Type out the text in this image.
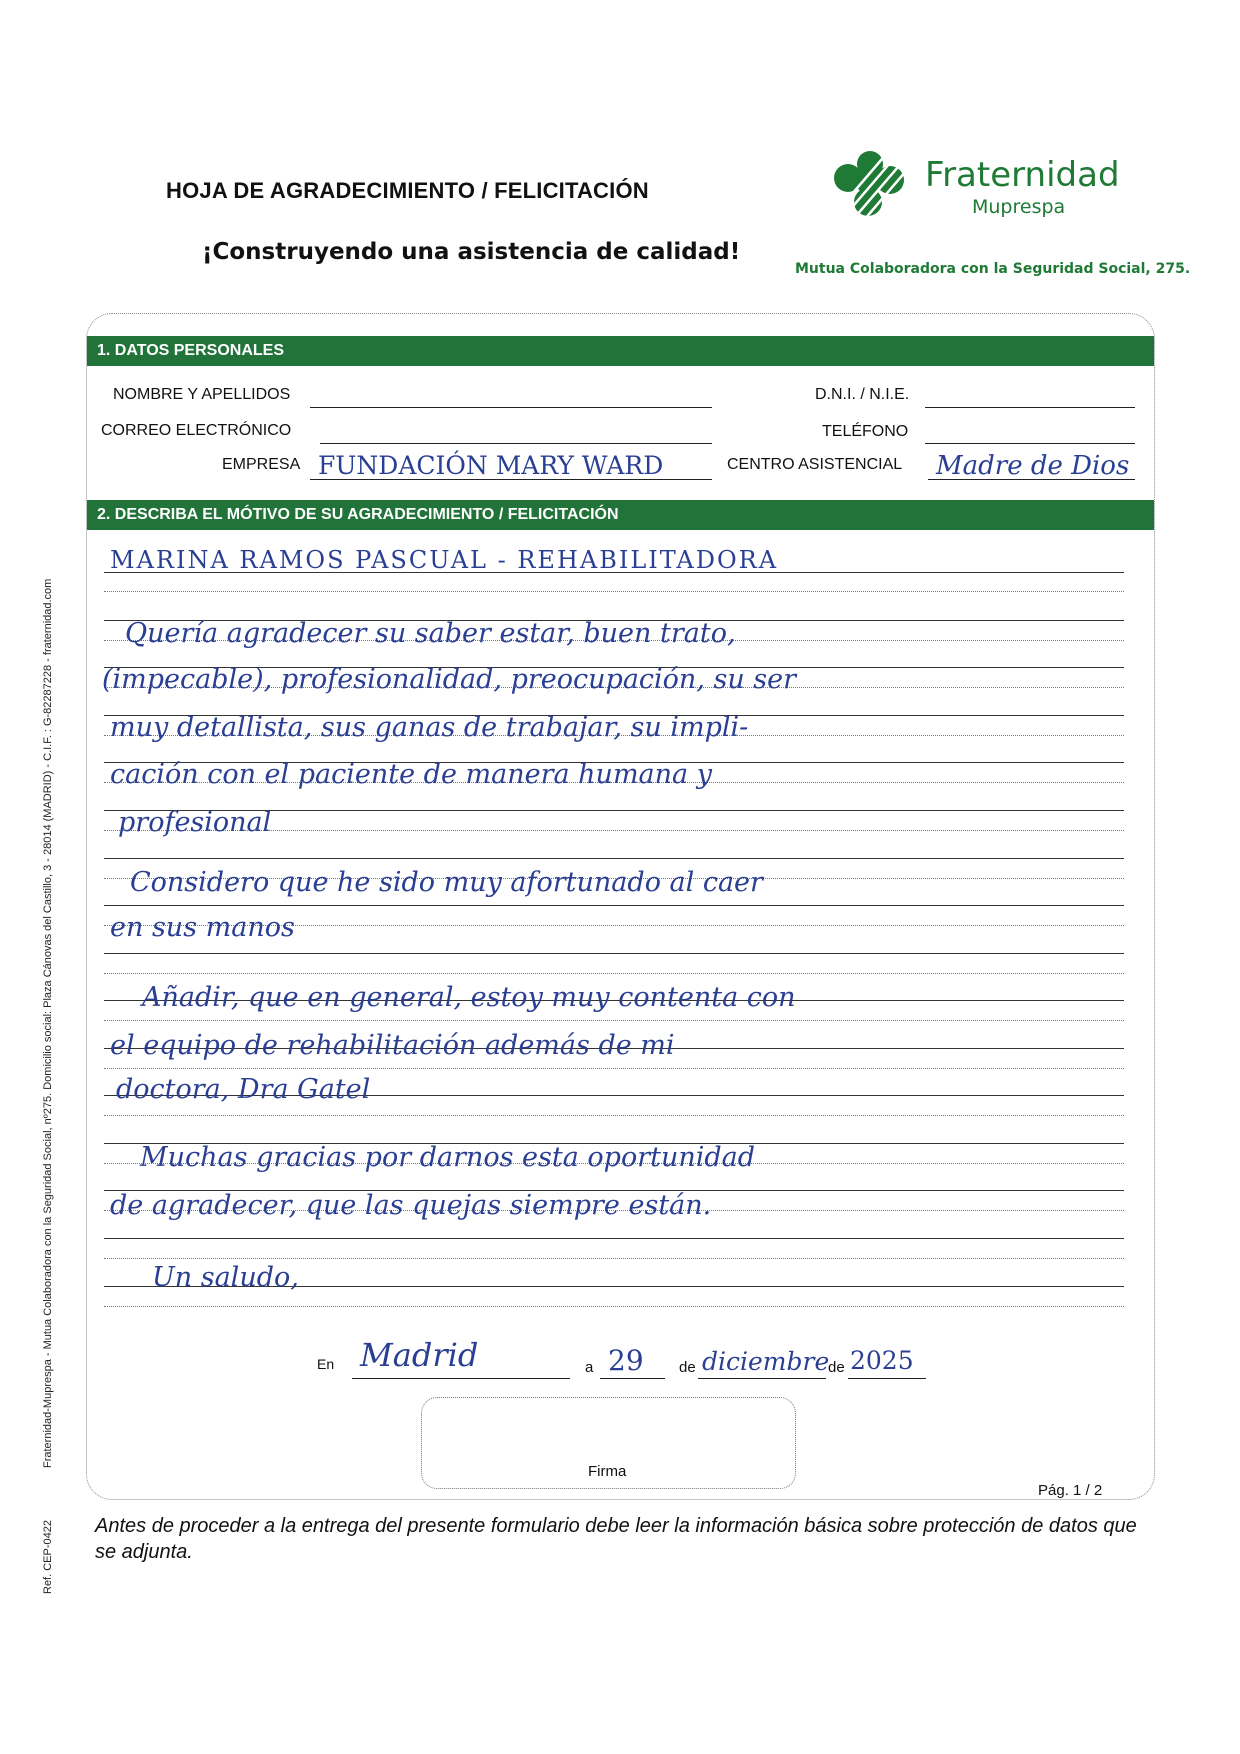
HOJA DE AGRADECIMIENTO / FELICITACIÓN
¡Construyendo una asistencia de calidad!
Fraternidad
Muprespa
Mutua Colaboradora con la Seguridad Social, 275.
1. DATOS PERSONALES
NOMBRE Y APELLIDOS	D.N.I. / N.I.E.
CORREO ELECTRÓNICO	TELÉFONO
EMPRESA FUNDACIÓN MARY WARD	CENTRO ASISTENCIAL Madre de Dios
2. DESCRIBA EL MÓTIVO DE SU AGRADECIMIENTO / FELICITACIÓN
MARINA RAMOS PASCUAL - REHABILITADORA
Quería agradecer su saber estar, buen trato,
(impecable), profesionalidad, preocupación, su ser
muy detallista, sus ganas de trabajar, su impli-
cación con el paciente de manera humana y
profesional
Considero que he sido muy afortunado al caer
en sus manos
Añadir, que en general, estoy muy contenta con
el equipo de rehabilitación además de mi
doctora, Dra Gatel
Muchas gracias por darnos esta oportunidad
de agradecer, que las quejas siempre están.
Un saludo,
En Madrid	a 29 de diciembre
de 2025
Firma
Pág. 1 / 2
Antes de proceder a la entrega del presente formulario debe leer la información básica sobre protección de datos que se adjunta.
Fraternidad-Muprespa - Mutua Colaboradora con la Seguridad Social, nº275. Domicilio social: Plaza Cánovas del Castillo, 3 - 28014 (MADRID) - C.I.F. : G-82287228 - fraternidad.com
Ref. CEP-0422
